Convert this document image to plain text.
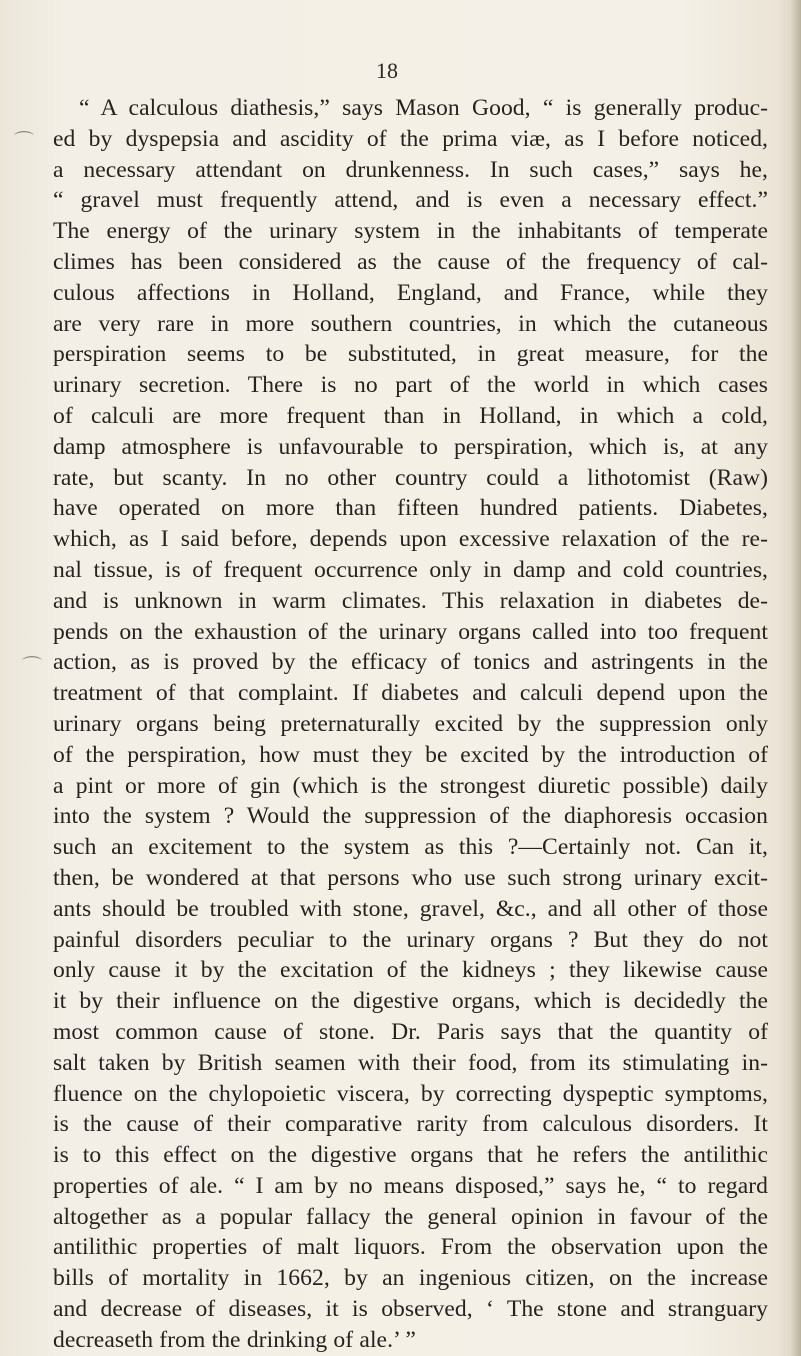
⌒
⌒

18

“ A calculous diathesis,” says Mason Good, “ is generally produc-
ed by dyspepsia and ascidity of the prima viæ, as I before noticed,
a necessary attendant on drunkenness. In such cases,” says he,
“ gravel must frequently attend, and is even a necessary effect.”
The energy of the urinary system in the inhabitants of temperate
climes has been considered as the cause of the frequency of cal-
culous affections in Holland, England, and France, while they
are very rare in more southern countries, in which the cutaneous
perspiration seems to be substituted, in great measure, for the
urinary secretion. There is no part of the world in which cases
of calculi are more frequent than in Holland, in which a cold,
damp atmosphere is unfavourable to perspiration, which is, at any
rate, but scanty. In no other country could a lithotomist (Raw)
have operated on more than fifteen hundred patients. Diabetes,
which, as I said before, depends upon excessive relaxation of the re-
nal tissue, is of frequent occurrence only in damp and cold countries,
and is unknown in warm climates. This relaxation in diabetes de-
pends on the exhaustion of the urinary organs called into too frequent
action, as is proved by the efficacy of tonics and astringents in the
treatment of that complaint. If diabetes and calculi depend upon the
urinary organs being preternaturally excited by the suppression only
of the perspiration, how must they be excited by the introduction of
a pint or more of gin (which is the strongest diuretic possible) daily
into the system ? Would the suppression of the diaphoresis occasion
such an excitement to the system as this ?—Certainly not. Can it,
then, be wondered at that persons who use such strong urinary excit-
ants should be troubled with stone, gravel, &c., and all other of those
painful disorders peculiar to the urinary organs ? But they do not
only cause it by the excitation of the kidneys ; they likewise cause
it by their influence on the digestive organs, which is decidedly the
most common cause of stone. Dr. Paris says that the quantity of
salt taken by British seamen with their food, from its stimulating in-
fluence on the chylopoietic viscera, by correcting dyspeptic symptoms,
is the cause of their comparative rarity from calculous disorders. It
is to this effect on the digestive organs that he refers the antilithic
properties of ale. “ I am by no means disposed,” says he, “ to regard
altogether as a popular fallacy the general opinion in favour of the
antilithic properties of malt liquors. From the observation upon the
bills of mortality in 1662, by an ingenious citizen, on the increase
and decrease of diseases, it is observed, ‘ The stone and stranguary
decreaseth from the drinking of ale.’ ”
